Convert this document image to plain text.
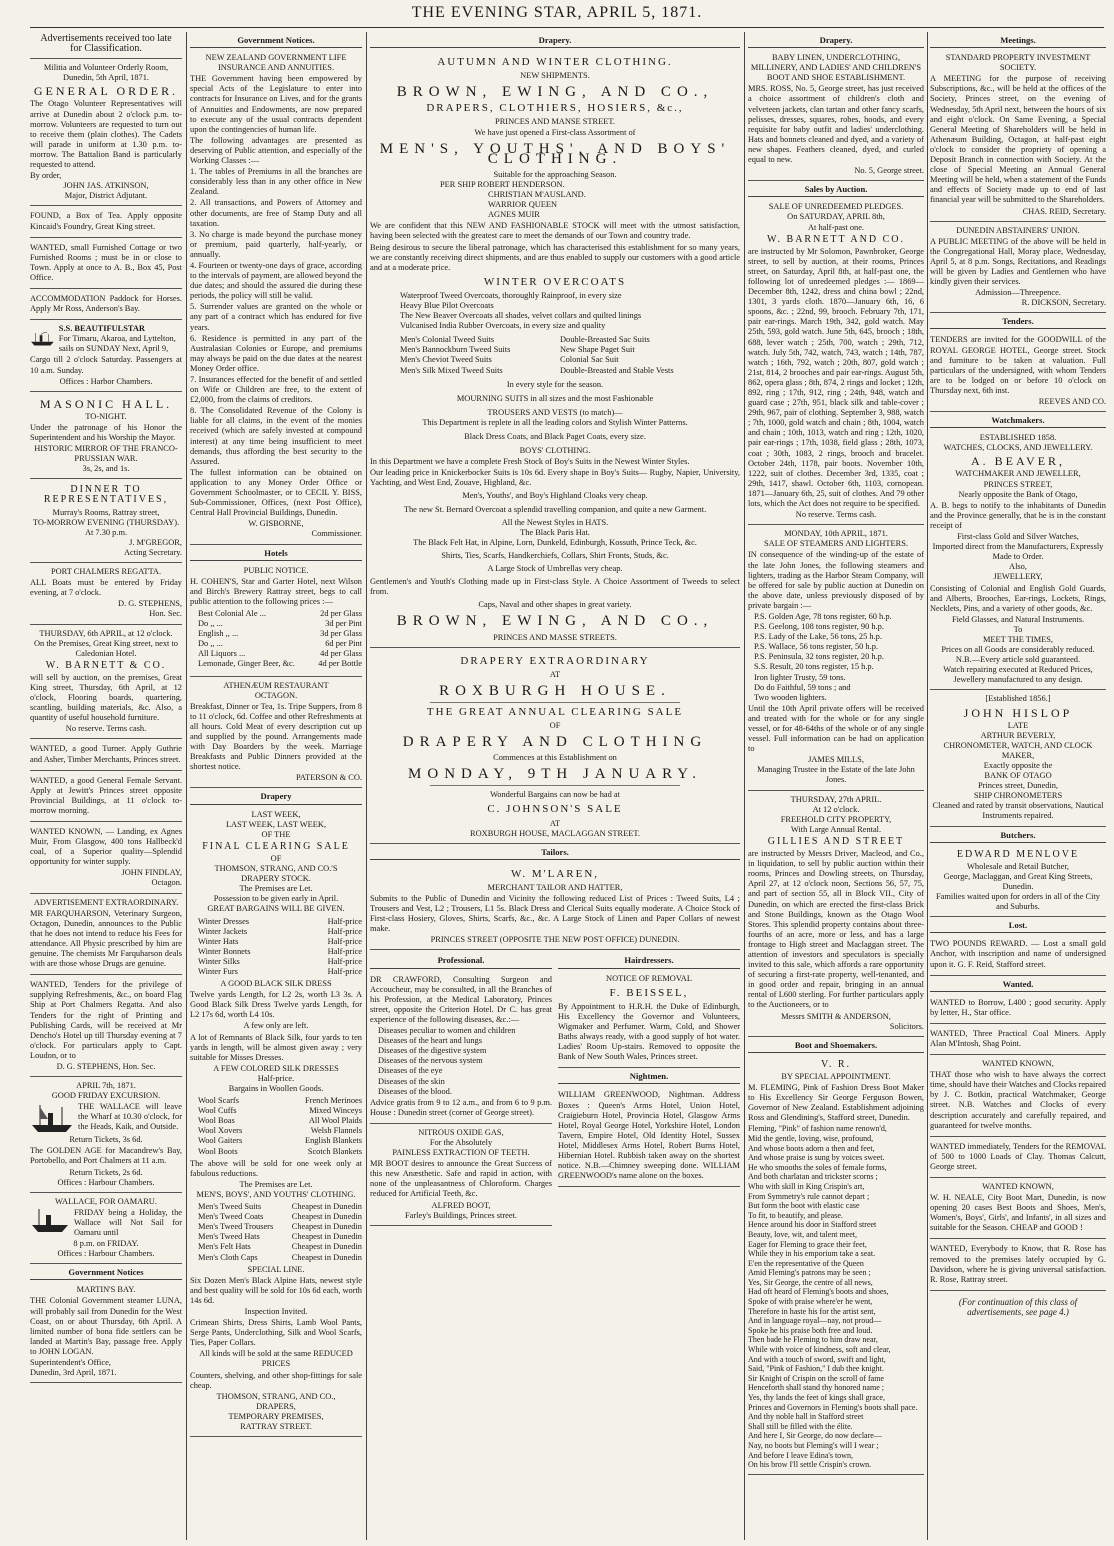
THE EVENING STAR, APRIL 5, 1871.
Advertisements received too late
for Classification.
Militia and Volunteer Orderly Room,
Dunedin, 5th April, 1871.
GENERAL ORDER.

The Otago Volunteer Representatives will arrive at Dunedin about 2 o'clock p.m. to-morrow. Volunteers are requested to turn out to receive them (plain clothes). The Cadets will parade in uniform at 1.30 p.m. to-morrow. The Battalion Band is particularly requested to attend.

By order,
JOHN JAS. ATKINSON,
Major, District Adjutant.

FOUND, a Box of Tea. Apply opposite Kincaid's Foundry, Great King street.

WANTED, small Furnished Cottage or two Furnished Rooms ; must be in or close to Town. Apply at once to A. B., Box 45, Post Office.

ACCOMMODATION Paddock for Horses. Apply Mr Ross, Anderson's Bay.

S.S. BEAUTIFULSTAR
For Timaru, Akaroa, and Lyttelton, sails on SUNDAY Next, April 9,

Cargo till 2 o'clock Saturday. Passengers at 10 a.m. Sunday.

Offices : Harbor Chambers.
MASONIC HALL.
TO-NIGHT.

Under the patronage of his Honor the Superintendent and his Worship the Mayor.

HISTORIC MIRROR OF THE FRANCO-PRUSSIAN WAR.
3s, 2s, and 1s.
DINNER TO REPRESENTATIVES,
Murray's Rooms, Rattray street,
TO-MORROW EVENING (THURSDAY).
At 7.30 p.m.
J. M'GREGOR,
Acting Secretary.
PORT CHALMERS REGATTA.

ALL Boats must be entered by Friday evening, at 7 o'clock.

D. G. STEPHENS,
Hon. Sec.
THURSDAY, 6th APRIL, at 12 o'clock.
On the Premises, Great King street, next to Caledonian Hotel.
W. BARNETT & CO.

will sell by auction, on the premises, Great King street, Thursday, 6th April, at 12 o'clock, Flooring boards, quartering, scantling, building materials, &c. Also, a quantity of useful household furniture.

No reserve. Terms cash.

WANTED, a good Turner. Apply Guthrie and Asher, Timber Merchants, Princes street.

WANTED, a good General Female Servant. Apply at Jewitt's Princes street opposite Provincial Buildings, at 11 o'clock to-morrow morning.

WANTED KNOWN, — Landing, ex Agnes Muir, From Glasgow, 400 tons Hallbeck'd coal, of a Superior quality—Splendid opportunity for winter supply.

JOHN FINDLAY,
Octagon.
ADVERTISEMENT EXTRAORDINARY.

MR FARQUHARSON, Veterinary Surgeon, Octagon, Dunedin, announces to the Public that he does not intend to reduce his Fees for attendance. All Physic prescribed by him are genuine. The chemists Mr Farquharson deals with are those whose Drugs are genuine.

WANTED, Tenders for the privilege of supplying Refreshments, &c., on board Flag Ship at Port Chalmers Regatta. And also Tenders for the right of Printing and Publishing Cards, will be received at Mr Dencho's Hotel up till Thursday evening at 7 o'clock. For particulars apply to Capt. Loudon, or to

D. G. STEPHENS, Hon. Sec.
APRIL 7th, 1871.
GOOD FRIDAY EXCURSION.

THE WALLACE will leave the Wharf at 10.30 o'clock, for the Heads, Kaik, and Outside.

Return Tickets, 3s 6d.

The GOLDEN AGE for Macandrew's Bay, Portobello, and Port Chalmers at 11 a.m.

Return Tickets, 2s 6d.
Offices : Harbour Chambers.
WALLACE, FOR OAMARU.

FRIDAY being a Holiday, the Wallace will Not Sail for Oamaru until

8 p.m. on FRIDAY.
Offices : Harbour Chambers.
Government Notices
MARTIN'S BAY.

THE Colonial Government steamer LUNA, will probably sail from Dunedin for the West Coast, on or about Thursday, 6th April. A limited number of bona fide settlers can be landed at Martin's Bay, passage free. Apply to JOHN LOGAN.

Superintendent's Office,
Dunedin, 3rd April, 1871.
Government Notices.
NEW ZEALAND GOVERNMENT LIFE INSURANCE AND ANNUITIES.

THE Government having been empowered by special Acts of the Legislature to enter into contracts for Insurance on Lives, and for the grants of Annuities and Endowments, are now prepared to execute any of the usual contracts dependent upon the contingencies of human life.

The following advantages are presented as deserving of Public attention, and especially of the Working Classes :—

1. The tables of Premiums in all the branches are considerably less than in any other office in New Zealand.

2. All transactions, and Powers of Attorney and other documents, are free of Stamp Duty and all taxation.

3. No charge is made beyond the purchase money or premium, paid quarterly, half-yearly, or annually.

4. Fourteen or twenty-one days of grace, according to the intervals of payment, are allowed beyond the due dates; and should the assured die during these periods, the policy will still be valid.

5. Surrender values are granted on the whole or any part of a contract which has endured for five years.

6. Residence is permitted in any part of the Australasian Colonies or Europe, and premiums may always be paid on the due dates at the nearest Money Order office.

7. Insurances effected for the benefit of and settled on Wife or Children are free, to the extent of £2,000, from the claims of creditors.

8. The Consolidated Revenue of the Colony is liable for all claims, in the event of the monies received (which are safely invested at compound interest) at any time being insufficient to meet demands, thus affording the best security to the Assured.

The fullest information can be obtained on application to any Money Order Office or Government Schoolmaster, or to CECIL Y. BISS, Sub-Commissioner, Offices, (next Post Office), Central Hall Provincial Buildings, Dunedin.

W. GISBORNE,
Commissioner.
Hotels
PUBLIC NOTICE.

H. COHEN'S, Star and Garter Hotel, next Wilson and Birch's Brewery Rattray street, begs to call public attention to the following prices :—

Best Colonial Ale ...	2d per Glass
Do ,, ...	3d per Pint
English ,, ...	3d per Glass
Do ,, ...	6d per Pint
All Liquors ...	4d per Glass
Lemonade, Ginger Beer, &c.	4d per Bottle
ATHENÆUM RESTAURANT
OCTAGON.

Breakfast, Dinner or Tea, 1s. Tripe Suppers, from 8 to 11 o'clock, 6d. Coffee and other Refreshments at all hours. Cold Meat of every description cut up and supplied by the pound. Arrangements made with Day Boarders by the week. Marriage Breakfasts and Public Dinners provided at the shortest notice.

PATERSON & CO.
Drapery
LAST WEEK,
LAST WEEK, LAST WEEK,
OF THE
FINAL CLEARING SALE
OF
THOMSON, STRANG, AND CO.'S
DRAPERY STOCK.
The Premises are Let.
Possession to be given early in April.
GREAT BARGAINS WILL BE GIVEN.
Winter Dresses	Half-price
Winter Jackets	Half-price
Winter Hats	Half-price
Winter Bonnets	Half-price
Winter Silks	Half-price
Winter Furs	Half-price
A GOOD BLACK SILK DRESS

Twelve yards Length, for L2 2s, worth L3 3s. A Good Black Silk Dress Twelve yards Length, for L2 17s 6d, worth L4 10s.

A few only are left.

A lot of Remnants of Black Silk, four yards to ten yards in length, will be almost given away ; very suitable for Misses Dresses.

A FEW COLORED SILK DRESSES
Half-price.
Bargains in Woollen Goods.
Wool Scarfs	French Merinoes
Wool Cuffs	Mixed Winceys
Wool Boas	All Wool Plaids
Wool Xovers	Welsh Flannels
Wool Gaiters	English Blankets
Wool Boots	Scotch Blankets

The above will be sold for one week only at fabulous reductions.

The Premises are Let.
MEN'S, BOYS', AND YOUTHS' CLOTHING.
Men's Tweed Suits	Cheapest in Dunedin
Men's Tweed Coats	Cheapest in Dunedin
Men's Tweed Trousers Cheapest in Dunedin
Men's Tweed Hats	Cheapest in Dunedin
Men's Felt Hats	Cheapest in Dunedin
Men's Cloth Caps	Cheapest in Dunedin
SPECIAL LINE.

Six Dozen Men's Black Alpine Hats, newest style and best quality will be sold for 10s 6d each, worth 14s 6d.

Inspection Invited.

Crimean Shirts, Dress Shirts, Lamb Wool Pants, Serge Pants, Underclothing, Silk and Wool Scarfs, Ties, Paper Collars.

All kinds will be sold at the same REDUCED PRICES

Counters, shelving, and other shop-fittings for sale cheap.

THOMSON, STRANG, AND CO.,
DRAPERS,
TEMPORARY PREMISES,
RATTRAY STREET.
Drapery.
AUTUMN AND WINTER CLOTHING.
NEW SHIPMENTS.
BROWN, EWING, AND CO.,
DRAPERS, CLOTHIERS, HOSIERS, &c.,
PRINCES AND MANSE STREET.
We have just opened a First-class Assortment of
MEN'S, YOUTHS', AND BOYS' CLOTHING.
Suitable for the approaching Season.
PER SHIP ROBERT HENDERSON.
CHRISTIAN M'AUSLAND.
WARRIOR QUEEN
AGNES MUIR

We are confident that this NEW AND FASHIONABLE STOCK will meet with the utmost satisfaction, having been selected with the greatest care to meet the demands of our Town and country trade.

Being desirous to secure the liberal patronage, which has characterised this establishment for so many years, we are constantly receiving direct shipments, and are thus enabled to supply our customers with a good article and at a moderate price.

WINTER OVERCOATS
Waterproof Tweed Overcoats, thoroughly Rainproof, in every size
Heavy Blue Pilot Overcoats
The New Beaver Overcoats all shades, velvet collars and quilted linings
Vulcanised India Rubber Overcoats, in every size and quality
Men's Colonial Tweed Suits	Double-Breasted Sac Suits
Men's Bannockburn Tweed Suits	New Shape Paget Suit
Men's Cheviot Tweed Suits	Colonial Sac Suit
Men's Silk Mixed Tweed Suits	Double-Breasted and Stable Vests
In every style for the season.
MOURNING SUITS in all sizes and the most Fashionable
TROUSERS AND VESTS (to match)—
This Department is replete in all the leading colors and Stylish Winter Patterns.
Black Dress Coats, and Black Paget Coats, every size.
BOYS' CLOTHING.

In this Department we have a complete Fresh Stock of Boy's Suits in the Newest Winter Styles.

Our leading price in Knickerbocker Suits is 10s 6d. Every shape in Boy's Suits— Rugby, Napier, University, Yachting, and West End, Zouave, Highland, &c.

Men's, Youths', and Boy's Highland Cloaks very cheap.
The new St. Bernard Overcoat a splendid travelling companion, and quite a new Garment.
All the Newest Styles in HATS.
The Black Paris Hat.
The Black Felt Hat, in Alpine, Lorn, Dunkeld, Edinburgh, Kossuth, Prince Teck, &c.
Shirts, Ties, Scarfs, Handkerchiefs, Collars, Shirt Fronts, Studs, &c.
A Large Stock of Umbrellas very cheap.

Gentlemen's and Youth's Clothing made up in First-class Style. A Choice Assortment of Tweeds to select from.

Caps, Naval and other shapes in great variety.
BROWN, EWING, AND CO.,
PRINCES AND MASSE STREETS.
DRAPERY EXTRAORDINARY
AT
ROXBURGH HOUSE.
THE GREAT ANNUAL CLEARING SALE
OF
DRAPERY AND CLOTHING
Commences at this Establishment on
MONDAY, 9TH JANUARY.
Wonderful Bargains can now be had at
C. JOHNSON'S SALE
AT
ROXBURGH HOUSE, MACLAGGAN STREET.
Tailors.
W. M'LAREN,
MERCHANT TAILOR AND HATTER,

Submits to the Public of Dunedin and Vicinity the following reduced List of Prices : Tweed Suits, L4 ; Trousers and Vest, L2 ; Trousers, L1 5s. Black Dress and Clerical Suits equally moderate. A Choice Stock of First-class Hosiery, Gloves, Shirts, Scarfs, &c., &c. A Large Stock of Linen and Paper Collars of newest make.

PRINCES STREET (OPPOSITE THE NEW POST OFFICE) DUNEDIN.
Professional.

DR CRAWFORD, Consulting Surgeon and Accoucheur, may be consulted, in all the Branches of his Profession, at the Medical Laboratory, Princes street, opposite the Criterion Hotel. Dr C. has great experience of the following diseases, &c.:—

Diseases peculiar to women and children
Diseases of the heart and lungs
Diseases of the digestive system
Diseases of the nervous system
Diseases of the eye
Diseases of the skin
Diseases of the blood.

Advice gratis from 9 to 12 a.m., and from 6 to 9 p.m. House : Dunedin street (corner of George street).

NITROUS OXIDE GAS,
For the Absolutely
PAINLESS EXTRACTION OF TEETH.

MR BOOT desires to announce the Great Success of this new Anæsthetic. Safe and rapid in action, with none of the unpleasantness of Chloroform. Charges reduced for Artificial Teeth, &c.

ALFRED BOOT,
Farley's Buildings, Princes street.
Hairdressers.
NOTICE OF REMOVAL
F. BEISSEL,

By Appointment to H.R.H. the Duke of Edinburgh, His Excellency the Governor and Volunteers, Wigmaker and Perfumer. Warm, Cold, and Shower Baths always ready, with a good supply of hot water. Ladies' Room Up-stairs. Removed to opposite the Bank of New South Wales, Princes street.

Nightmen.

WILLIAM GREENWOOD, Nightman. Address Boxes : Queen's Arms Hotel, Union Hotel, Craigieburn Hotel, Provincia Hotel, Glasgow Arms Hotel, Royal George Hotel, Yorkshire Hotel, London Tavern, Empire Hotel, Old Identity Hotel, Sussex Hotel, Middlesex Arms Hotel, Robert Burns Hotel, Hibernian Hotel. Rubbish taken away on the shortest notice. N.B.—Chimney sweeping done. WILLIAM GREENWOOD's name alone on the boxes.

Drapery.
BABY LINEN, UNDERCLOTHING, MILLINERY, AND LADIES' AND CHILDREN'S BOOT AND SHOE ESTABLISHMENT.

MRS. ROSS, No. 5, George street, has just received a choice assortment of children's cloth and velveteen jackets, clan tartan and other fancy scarfs, pelisses, dresses, squares, robes, hoods, and every requisite for baby outfit and ladies' underclothing. Hats and bonnets cleaned and dyed, and a variety of new shapes. Feathers cleaned, dyed, and curled equal to new.

No. 5, George street.
Sales by Auction.
SALE OF UNREDEEMED PLEDGES.
On SATURDAY, APRIL 8th,
At half-past one.
W. BARNETT AND CO.

are instructed by Mr Solomon, Pawnbroker, George street, to sell by auction, at their rooms, Princes street, on Saturday, April 8th, at half-past one, the following lot of unredeemed pledges :— 1869—December 8th, 1242, dress and china bowl ; 22nd, 1301, 3 yards cloth. 1870—January 6th, 16, 6 spoons, &c. ; 22nd, 99, brooch. February 7th, 171, pair ear-rings. March 19th, 342, gold watch. May 25th, 593, gold watch. June 5th, 645, brooch ; 18th, 688, lever watch ; 25th, 700, watch ; 29th, 712, watch. July 5th, 742, watch, 743, watch ; 14th, 787, watch ; 16th, 792, watch ; 20th, 807, gold watch ; 21st, 814, 2 brooches and pair ear-rings. August 5th, 862, opera glass ; 8th, 874, 2 rings and locket ; 12th, 892, ring ; 17th, 912, ring ; 24th, 948, watch and guard case ; 27th, 951, black silk and table-cover ; 29th, 967, pair of clothing. September 3, 988, watch ; 7th, 1000, gold watch and chain ; 8th, 1004, watch and chain ; 10th, 1013, watch and ring ; 12th, 1020, pair ear-rings ; 17th, 1038, field glass ; 28th, 1073, coat ; 30th, 1083, 2 rings, brooch and bracelet. October 24th, 1178, pair boots. November 10th, 1222, suit of clothes. December 3rd, 1335, coat ; 29th, 1417, shawl. October 6th, 1103, cornopean. 1871—January 6th, 25, suit of clothes. And 79 other lots, which the Act does not require to be specified.

No reserve. Terms cash.
MONDAY, 10th APRIL, 1871.
SALE OF STEAMERS AND LIGHTERS.

IN consequence of the winding-up of the estate of the late John Jones, the following steamers and lighters, trading as the Harbor Steam Company, will be offered for sale by public auction at Dunedin on the above date, unless previously disposed of by private bargain :—

P.S. Golden Age, 78 tons register, 60 h.p.
P.S. Geelong, 108 tons register, 90 h.p.
P.S. Lady of the Lake, 56 tons, 25 h.p.
P.S. Wallace, 56 tons register, 50 h.p.
P.S. Peninsula, 32 tons register, 20 h.p.
S.S. Result, 20 tons register, 15 h.p.
Iron lighter Trusty, 59 tons.
Do do Faithful, 59 tons ; and
Two wooden lighters.

Until the 10th April private offers will be received and treated with for the whole or for any single vessel, or for 48-64ths of the whole or of any single vessel. Full information can be had on application to

JAMES MILLS,
Managing Trustee in the Estate of the late John Jones.
THURSDAY, 27th APRIL.
At 12 o'clock.
FREEHOLD CITY PROPERTY,
With Large Annual Rental.
GILLIES AND STREET

are instructed by Messrs Driver, Macleod, and Co., in liquidation, to sell by public auction within their rooms, Princes and Dowling streets, on Thursday, April 27, at 12 o'clock noon, Sections 56, 57, 75, and part of section 55, all in Block VII., City of Dunedin, on which are erected the first-class Brick and Stone Buildings, known as the Otago Wool Stores. This splendid property contains about three-fourths of an acre, more or less, and has a large frontage to High street and Maclaggan street. The attention of investors and speculators is specially invited to this sale, which affords a rare opportunity of securing a first-rate property, well-tenanted, and in good order and repair, bringing in an annual rental of L600 sterling. For further particulars apply to the Auctioneers, or to

Messrs SMITH & ANDERSON,
Solicitors.
Boot and Shoemakers.
V. R.
BY SPECIAL APPOINTMENT.

M. FLEMING, Pink of Fashion Dress Boot Maker to His Excellency Sir George Ferguson Bowen, Governor of New Zealand. Establishment adjoining Ross and Glendining's, Stafford street, Dunedin.

Fleming, "Pink" of fashion name renown'd,
Mid the gentle, loving, wise, profound,
And whose boots adorn a then and feet,
And whose praise is sung by voices sweet.
He who smooths the soles of female forms,
And both charlatan and trickster scorns ;
Who with skill in King Crispin's art,
From Symmetry's rule cannot depart ;
But form the boot with elastic case
To fit, to beautify, and please.
Hence around his door in Stafford street
Beauty, love, wit, and talent meet,
Eager for Fleming to grace their feet,
While they in his emporium take a seat.
E'en the representative of the Queen
Amid Fleming's patrons may be seen ;
Yes, Sir George, the centre of all news,
Had oft heard of Fleming's boots and shoes,
Spoke of with praise where'er he went,
Therefore in haste his for the artist sent,
And in language royal—nay, not proud—
Spoke he his praise both free and loud.
Then bade he Fleming to him draw near,
While with voice of kindness, soft and clear,
And with a touch of sword, swift and light,
Said, "Pink of Fashion," I dub thee knight.
Sir Knight of Crispin on the scroll of fame
Henceforth shall stand thy honored name ;
Yes, thy lands the feet of kings shall grace,
Princes and Governors in Fleming's boots shall pace.
And thy noble hall in Stafford street
Shall still be filled with the élite.
And here I, Sir George, do now declare—
Nay, no boots but Fleming's will I wear ;
And before I leave Edina's town,
On his brow I'll settle Crispin's crown.
Meetings.
STANDARD PROPERTY INVESTMENT SOCIETY.

A MEETING for the purpose of receiving Subscriptions, &c., will be held at the offices of the Society, Princes street, on the evening of Wednesday, 5th April next, between the hours of six and eight o'clock. On Same Evening, a Special General Meeting of Shareholders will be held in Athenæum Building, Octagon, at half-past eight o'clock to consider the propriety of opening a Deposit Branch in connection with Society. At the close of Special Meeting an Annual General Meeting will be held, when a statement of the Funds and effects of Society made up to end of last financial year will be submitted to the Shareholders.

CHAS. REID, Secretary.
DUNEDIN ABSTAINERS' UNION.

A PUBLIC MEETING of the above will be held in the Congregational Hall, Moray place, Wednesday, April 5, at 8 p.m. Songs, Recitations, and Readings will be given by Ladies and Gentlemen who have kindly given their services.

Admission—Threepence.
R. DICKSON, Secretary.
Tenders.

TENDERS are invited for the GOODWILL of the ROYAL GEORGE HOTEL, George street. Stock and furniture to be taken at valuation. Full particulars of the undersigned, with whom Tenders are to be lodged on or before 10 o'clock on Thursday next, 6th inst.

REEVES AND CO.
Watchmakers.
ESTABLISHED 1858.
WATCHES, CLOCKS, AND JEWELLERY.
A. BEAVER,
WATCHMAKER AND JEWELLER,
PRINCES STREET,
Nearly opposite the Bank of Otago,

A. B. begs to notify to the inhabitants of Dunedin and the Province generally, that he is in the constant receipt of

First-class Gold and Silver Watches,
Imported direct from the Manufacturers, Expressly Made to Order.
Also,
JEWELLERY,

Consisting of Colonial and English Gold Guards, and Alberts, Brooches, Ear-rings, Lockets, Rings, Necklets, Pins, and a variety of other goods, &c.

Field Glasses, and Natural Instruments.
To
MEET THE TIMES,
Prices on all Goods are considerably reduced.
N.B.—Every article sold guaranteed.
Watch repairing executed at Reduced Prices,
Jewellery manufactured to any design.
[Established 1856.]
JOHN HISLOP
LATE
ARTHUR BEVERLY,
CHRONOMETER, WATCH, AND CLOCK MAKER,
Exactly opposite the
BANK OF OTAGO
Princes street, Dunedin,
SHIP CHRONOMETERS
Cleaned and rated by transit observations, Nautical Instruments repaired.
Butchers.
EDWARD MENLOVE
Wholesale and Retail Butcher,
George, Maclaggan, and Great King Streets, Dunedin.
Families waited upon for orders in all of the City and Suburbs.
Lost.

TWO POUNDS REWARD. — Lost a small gold Anchor, with inscription and name of undersigned upon it. G. F. Reid, Stafford street.

Wanted.

WANTED to Borrow, L400 ; good security. Apply by letter, H., Star office.

WANTED, Three Practical Coal Miners. Apply Alan M'Intosh, Shag Point.

WANTED KNOWN,

THAT those who wish to have always the correct time, should have their Watches and Clocks repaired by J. C. Botkin, practical Watchmaker, George street. N.B. Watches and Clocks of every description accurately and carefully repaired, and guaranteed for twelve months.

WANTED immediately, Tenders for the REMOVAL of 500 to 1000 Loads of Clay. Thomas Calcutt, George street.

WANTED KNOWN,

W. H. NEALE, City Boot Mart, Dunedin, is now opening 20 cases Best Boots and Shoes, Men's, Women's, Boys', Girls', and Infants', in all sizes and suitable for the Season. CHEAP and GOOD !

WANTED, Everybody to Know, that R. Rose has removed to the premises lately occupied by G. Davidson, where he is giving universal satisfaction. R. Rose, Rattray street.

(For continuation of this class of advertisements, see page 4.)
